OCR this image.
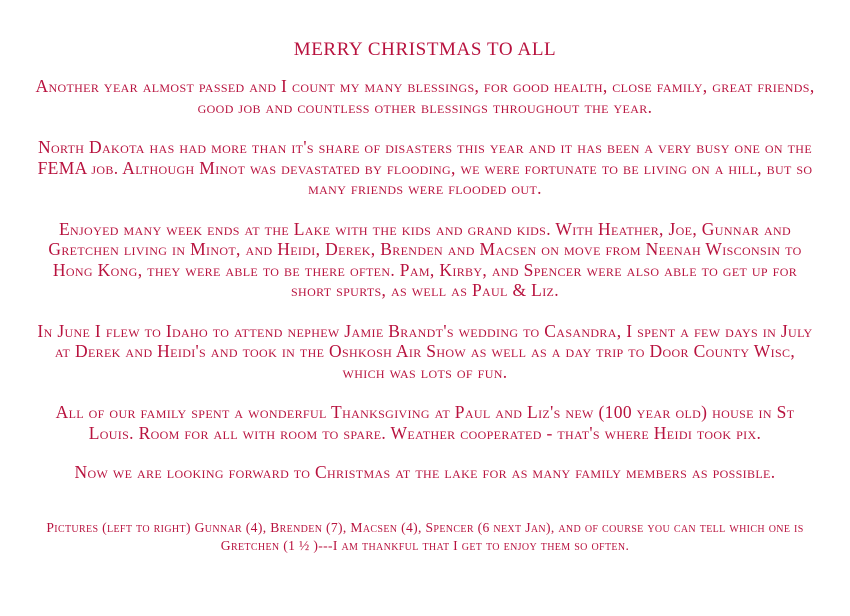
MERRY CHRISTMAS TO ALL

Another year almost passed and I count my many blessings, for good health, close family, great friends, good job and countless other blessings throughout the year.

North Dakota has had more than it's share of disasters this year and it has been a very busy one on the FEMA job. Although Minot was devastated by flooding, we were fortunate to be living on a hill, but so many friends were flooded out.

Enjoyed many week ends at the Lake with the kids and grand kids. With Heather, Joe, Gunnar and Gretchen living in Minot, and Heidi, Derek, Brenden and Macsen on move from Neenah Wisconsin to Hong Kong, they were able to be there often. Pam, Kirby, and Spencer were also able to get up for short spurts, as well as Paul & Liz.

In June I flew to Idaho to attend nephew Jamie Brandt's wedding to Casandra, I spent a few days in July at Derek and Heidi's and took in the Oshkosh Air Show as well as a day trip to Door County Wisc, which was lots of fun.

All of our family spent a wonderful Thanksgiving at Paul and Liz's new (100 year old) house in St Louis. Room for all with room to spare. Weather cooperated - that's where Heidi took pix.

Now we are looking forward to Christmas at the lake for as many family members as possible.

Pictures (left to right) Gunnar (4), Brenden (7), Macsen (4), Spencer (6 next Jan), and of course you can tell which one is Gretchen (1 ½ )---I am thankful that I get to enjoy them so often.
